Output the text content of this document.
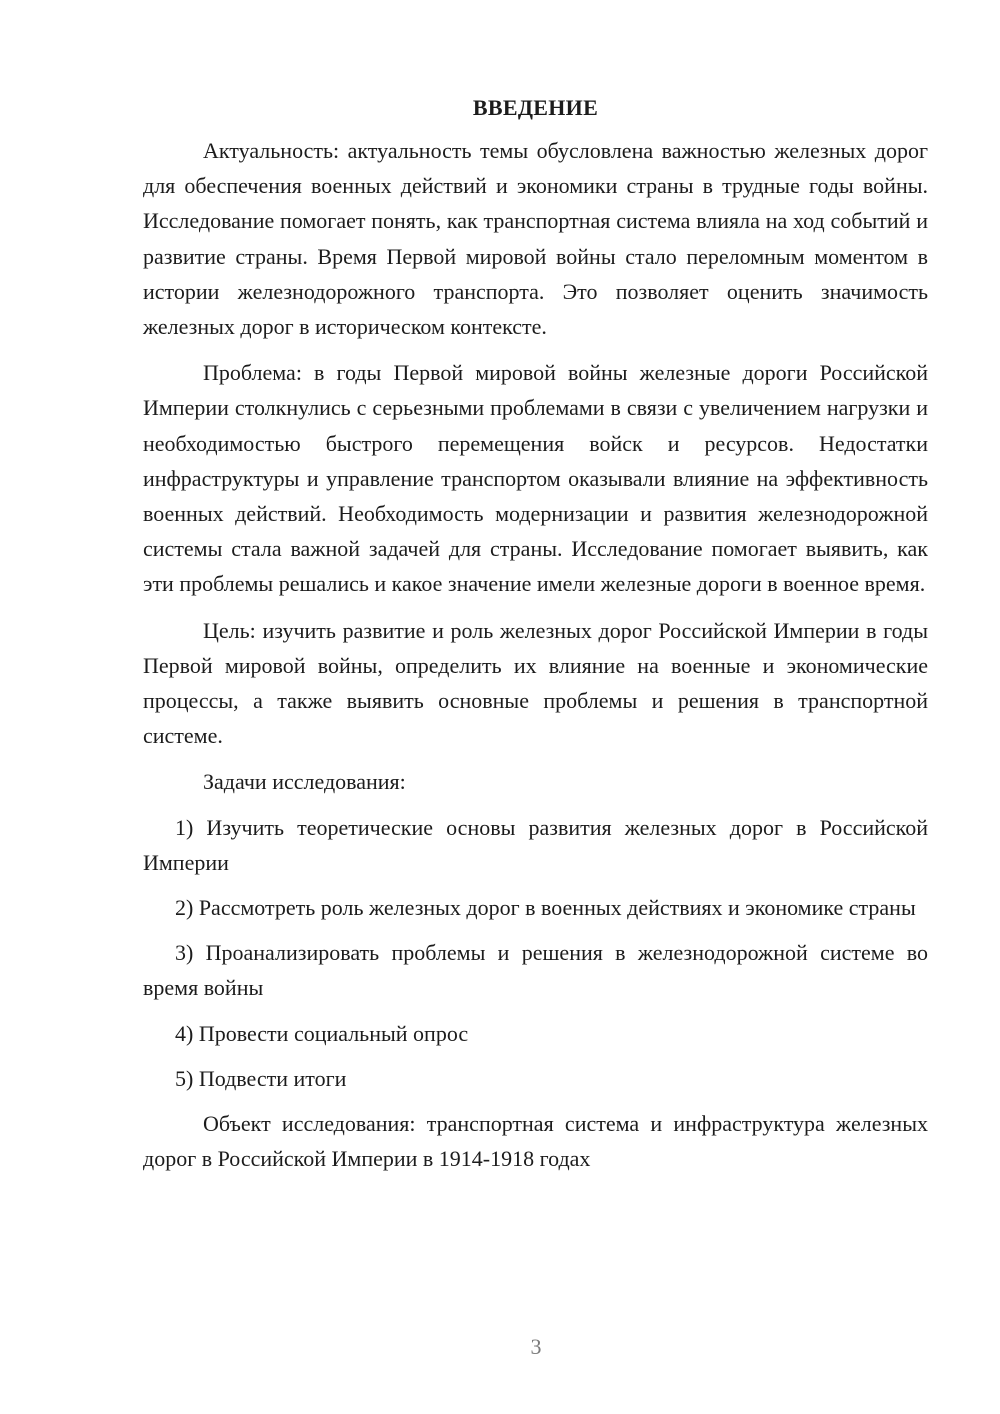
ВВЕДЕНИЕ

Актуальность: актуальность темы обусловлена важностью железных дорог для обеспечения военных действий и экономики страны в трудные годы войны. Исследование помогает понять, как транспортная система влияла на ход событий и развитие страны. Время Первой мировой войны стало переломным моментом в истории железнодорожного транспорта. Это позволяет оценить значимость железных дорог в историческом контексте.

Проблема: в годы Первой мировой войны железные дороги Российской Империи столкнулись с серьезными проблемами в связи с увеличением нагрузки и необходимостью быстрого перемещения войск и ресурсов. Недостатки инфраструктуры и управление транспортом оказывали влияние на эффективность военных действий. Необходимость модернизации и развития железнодорожной системы стала важной задачей для страны. Исследование помогает выявить, как эти проблемы решались и какое значение имели железные дороги в военное время.

Цель: изучить развитие и роль железных дорог Российской Империи в годы Первой мировой войны, определить их влияние на военные и экономические процессы, а также выявить основные проблемы и решения в транспортной системе.

Задачи исследования:

1) Изучить теоретические основы развития железных дорог в Российской Империи

2) Рассмотреть роль железных дорог в военных действиях и экономике страны

3) Проанализировать проблемы и решения в железнодорожной системе во время войны

4) Провести социальный опрос

5) Подвести итоги

Объект исследования: транспортная система и инфраструктура железных дорог в Российской Империи в 1914-1918 годах

3
